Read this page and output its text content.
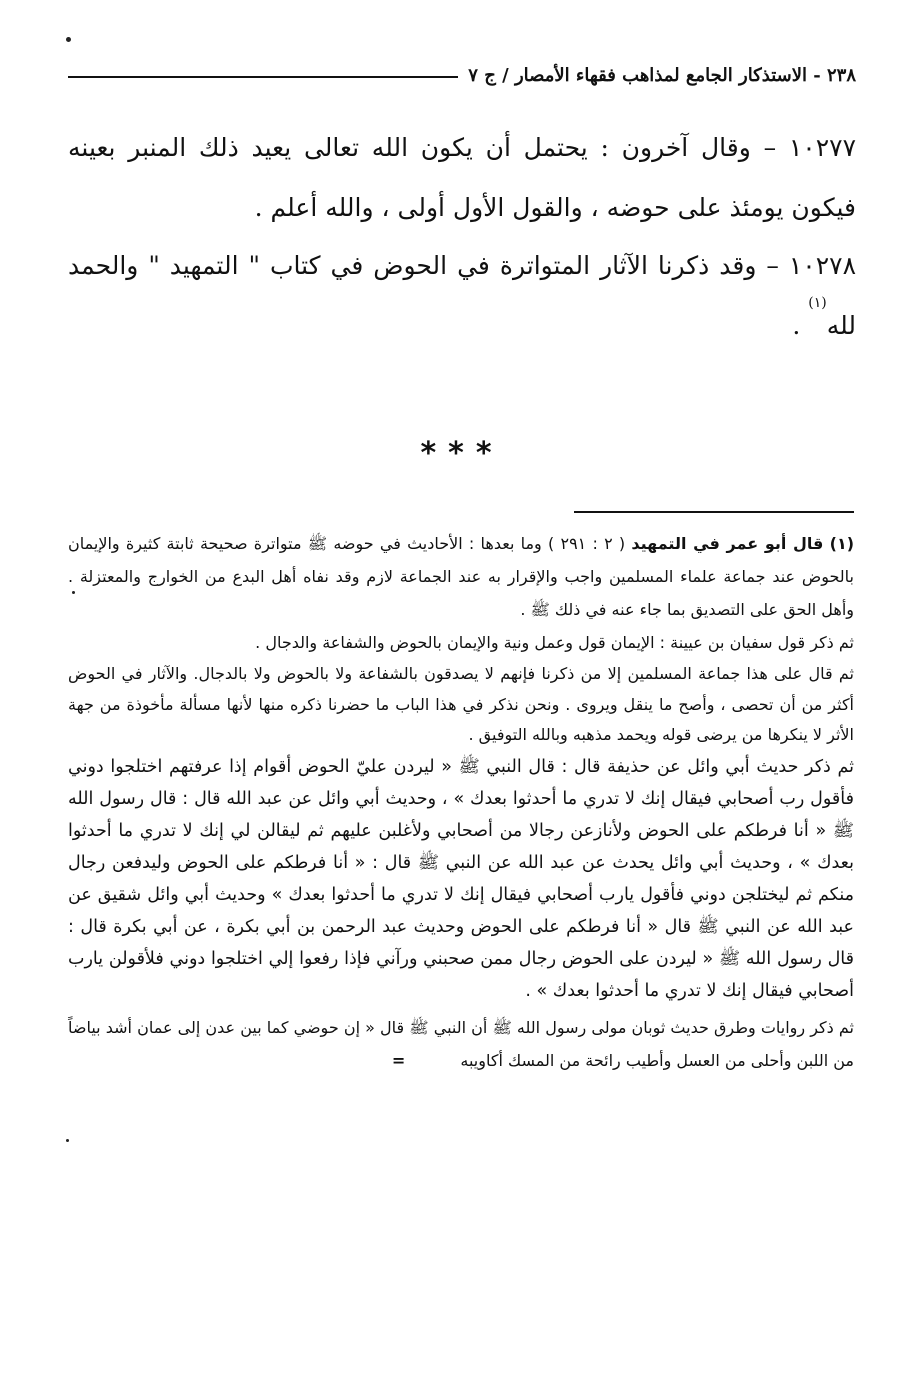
٢٣٨ - الاستذكار الجامع لمذاهب فقهاء الأمصار / ج ٧
١٠٢٧٧ – وقال آخرون : يحتمل أن يكون الله تعالى يعيد ذلك المنبر بعينه فيكون يومئذ على حوضه ، والقول الأول أولى ، والله أعلم .
١٠٢٧٨ – وقد ذكرنا الآثار المتواترة في الحوض في كتاب " التمهيد " والحمد لله$^{(١)}$ .
***

(١) قال أبو عمر في التمهيد ( ٢ : ٢٩١ ) وما بعدها : الأحاديث في حوضه ﷺ متواترة صحيحة ثابتة كثيرة والإيمان بالحوض عند جماعة علماء المسلمين واجب والإقرار به عند الجماعة لازم وقد نفاه أهل البدع من الخوارج والمعتزلة . وأهل الحق على التصديق بما جاء عنه في ذلك ﷺ .

ثم ذكر قول سفيان بن عيينة : الإيمان قول وعمل ونية والإيمان بالحوض والشفاعة والدجال .

ثم قال على هذا جماعة المسلمين إلا من ذكرنا فإنهم لا يصدقون بالشفاعة ولا بالحوض ولا بالدجال. والآثار في الحوض أكثر من أن تحصى ، وأصح ما ينقل ويروى . ونحن نذكر في هذا الباب ما حضرنا ذكره منها لأنها مسألة مأخوذة من جهة الأثر لا ينكرها من يرضى قوله ويحمد مذهبه وبالله التوفيق .

ثم ذكر حديث أبي وائل عن حذيفة قال : قال النبي ﷺ « ليردن عليّ الحوض أقوام إذا عرفتهم اختلجوا دوني فأقول رب أصحابي فيقال إنك لا تدري ما أحدثوا بعدك » ، وحديث أبي وائل عن عبد الله قال : قال رسول الله ﷺ « أنا فرطكم على الحوض ولأنازعن رجالا من أصحابي ولأغلبن عليهم ثم ليقالن لي إنك لا تدري ما أحدثوا بعدك » ، وحديث أبي وائل يحدث عن عبد الله عن النبي ﷺ قال : « أنا فرطكم على الحوض وليدفعن رجال منكم ثم ليختلجن دوني فأقول يارب أصحابي فيقال إنك لا تدري ما أحدثوا بعدك » وحديث أبي وائل شقيق عن عبد الله عن النبي ﷺ قال « أنا فرطكم على الحوض وحديث عبد الرحمن بن أبي بكرة ، عن أبي بكرة قال : قال رسول الله ﷺ « ليردن على الحوض رجال ممن صحبني ورآني فإذا رفعوا إلي اختلجوا دوني فلأقولن يارب أصحابي فيقال إنك لا تدري ما أحدثوا بعدك » .

ثم ذكر روايات وطرق حديث ثوبان مولى رسول الله ﷺ أن النبي ﷺ قال « إن حوضي كما بين عدن إلى عمان أشد بياضاً من اللبن وأحلى من العسل وأطيب رائحة من المسك أكاويبه =
